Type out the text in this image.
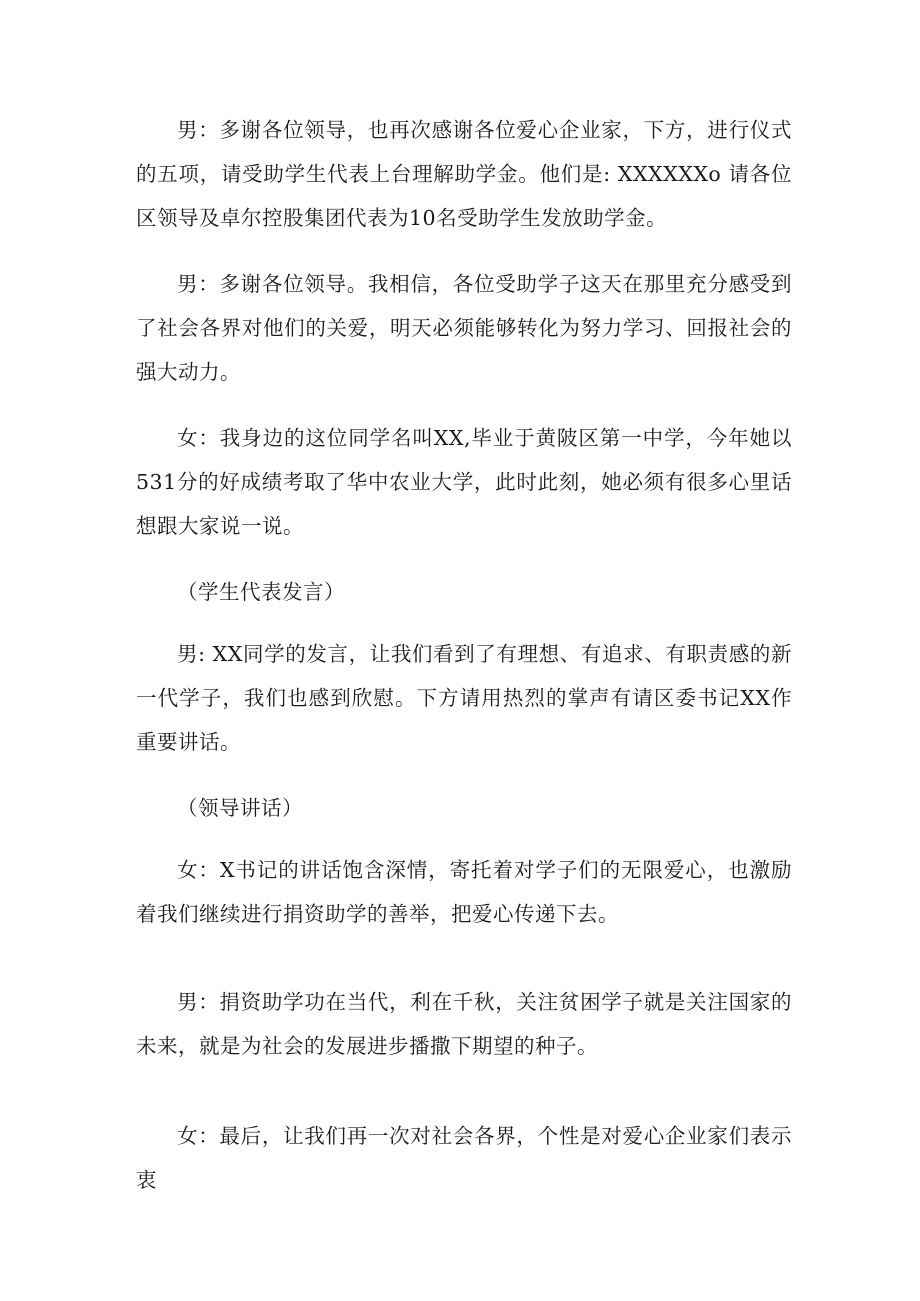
男：多谢各位领导，也再次感谢各位爱心企业家，下方，进行仪式的五项，请受助学生代表上台理解助学金。他们是: XXXXXXo 请各位区领导及卓尔控股集团代表为10名受助学生发放助学金。

男：多谢各位领导。我相信，各位受助学子这天在那里充分感受到了社会各界对他们的关爱，明天必须能够转化为努力学习、回报社会的强大动力。

女：我身边的这位同学名叫XX,毕业于黄陂区第一中学，今年她以531分的好成绩考取了华中农业大学，此时此刻，她必须有很多心里话想跟大家说一说。

（学生代表发言）

男: XX同学的发言，让我们看到了有理想、有追求、有职责感的新一代学子，我们也感到欣慰。下方请用热烈的掌声有请区委书记XX作重要讲话。

（领导讲话）

女：X书记的讲话饱含深情，寄托着对学子们的无限爱心，也激励着我们继续进行捐资助学的善举，把爱心传递下去。

男：捐资助学功在当代，利在千秋，关注贫困学子就是关注国家的未来，就是为社会的发展进步播撒下期望的种子。

女：最后，让我们再一次对社会各界，个性是对爱心企业家们表示衷
